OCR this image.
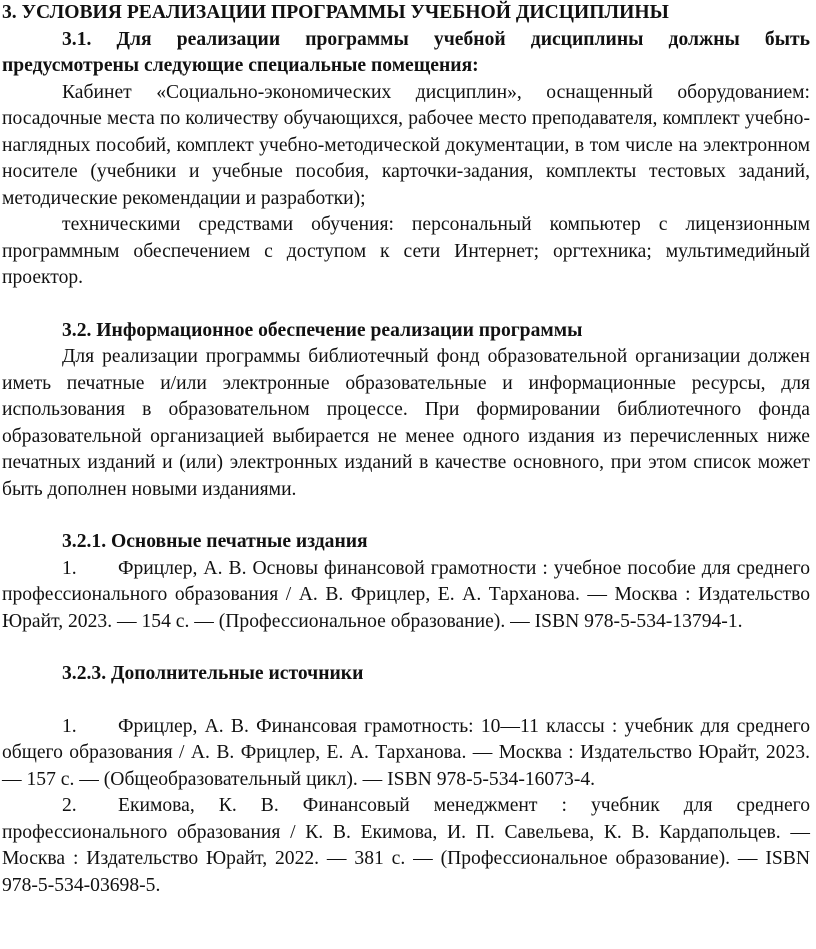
3. УСЛОВИЯ РЕАЛИЗАЦИИ ПРОГРАММЫ УЧЕБНОЙ ДИСЦИПЛИНЫ

3.1. Для реализации программы учебной дисциплины должны быть предусмотрены следующие специальные помещения:

Кабинет «Социально-экономических дисциплин», оснащенный оборудованием: посадочные места по количеству обучающихся, рабочее место преподавателя, комплект учебно-наглядных пособий, комплект учебно-методической документации, в том числе на электронном носителе (учебники и учебные пособия, карточки-задания, комплекты тестовых заданий, методические рекомендации и разработки);

техническими средствами обучения: персональный компьютер с лицензионным программным обеспечением с доступом к сети Интернет; оргтехника; мультимедийный проектор.

3.2. Информационное обеспечение реализации программы

Для реализации программы библиотечный фонд образовательной организации должен иметь печатные и/или электронные образовательные и информационные ресурсы, для использования в образовательном процессе. При формировании библиотечного фонда образовательной организацией выбирается не менее одного издания из перечисленных ниже печатных изданий и (или) электронных изданий в качестве основного, при этом список может быть дополнен новыми изданиями.

3.2.1. Основные печатные издания

1. Фрицлер, А. В. Основы финансовой грамотности : учебное пособие для среднего профессионального образования / А. В. Фрицлер, Е. А. Тарханова. — Москва : Издательство Юрайт, 2023. — 154 с. — (Профессиональное образование). — ISBN 978-5-534-13794-1.

3.2.3. Дополнительные источники

1. Фрицлер, А. В. Финансовая грамотность: 10—11 классы : учебник для среднего общего образования / А. В. Фрицлер, Е. А. Тарханова. — Москва : Издательство Юрайт, 2023. — 157 с. — (Общеобразовательный цикл). — ISBN 978-5-534-16073-4.

2. Екимова, К. В. Финансовый менеджмент : учебник для среднего профессионального образования / К. В. Екимова, И. П. Савельева, К. В. Кардапольцев. — Москва : Издательство Юрайт, 2022. — 381 с. — (Профессиональное образование). — ISBN 978-5-534-03698-5.
